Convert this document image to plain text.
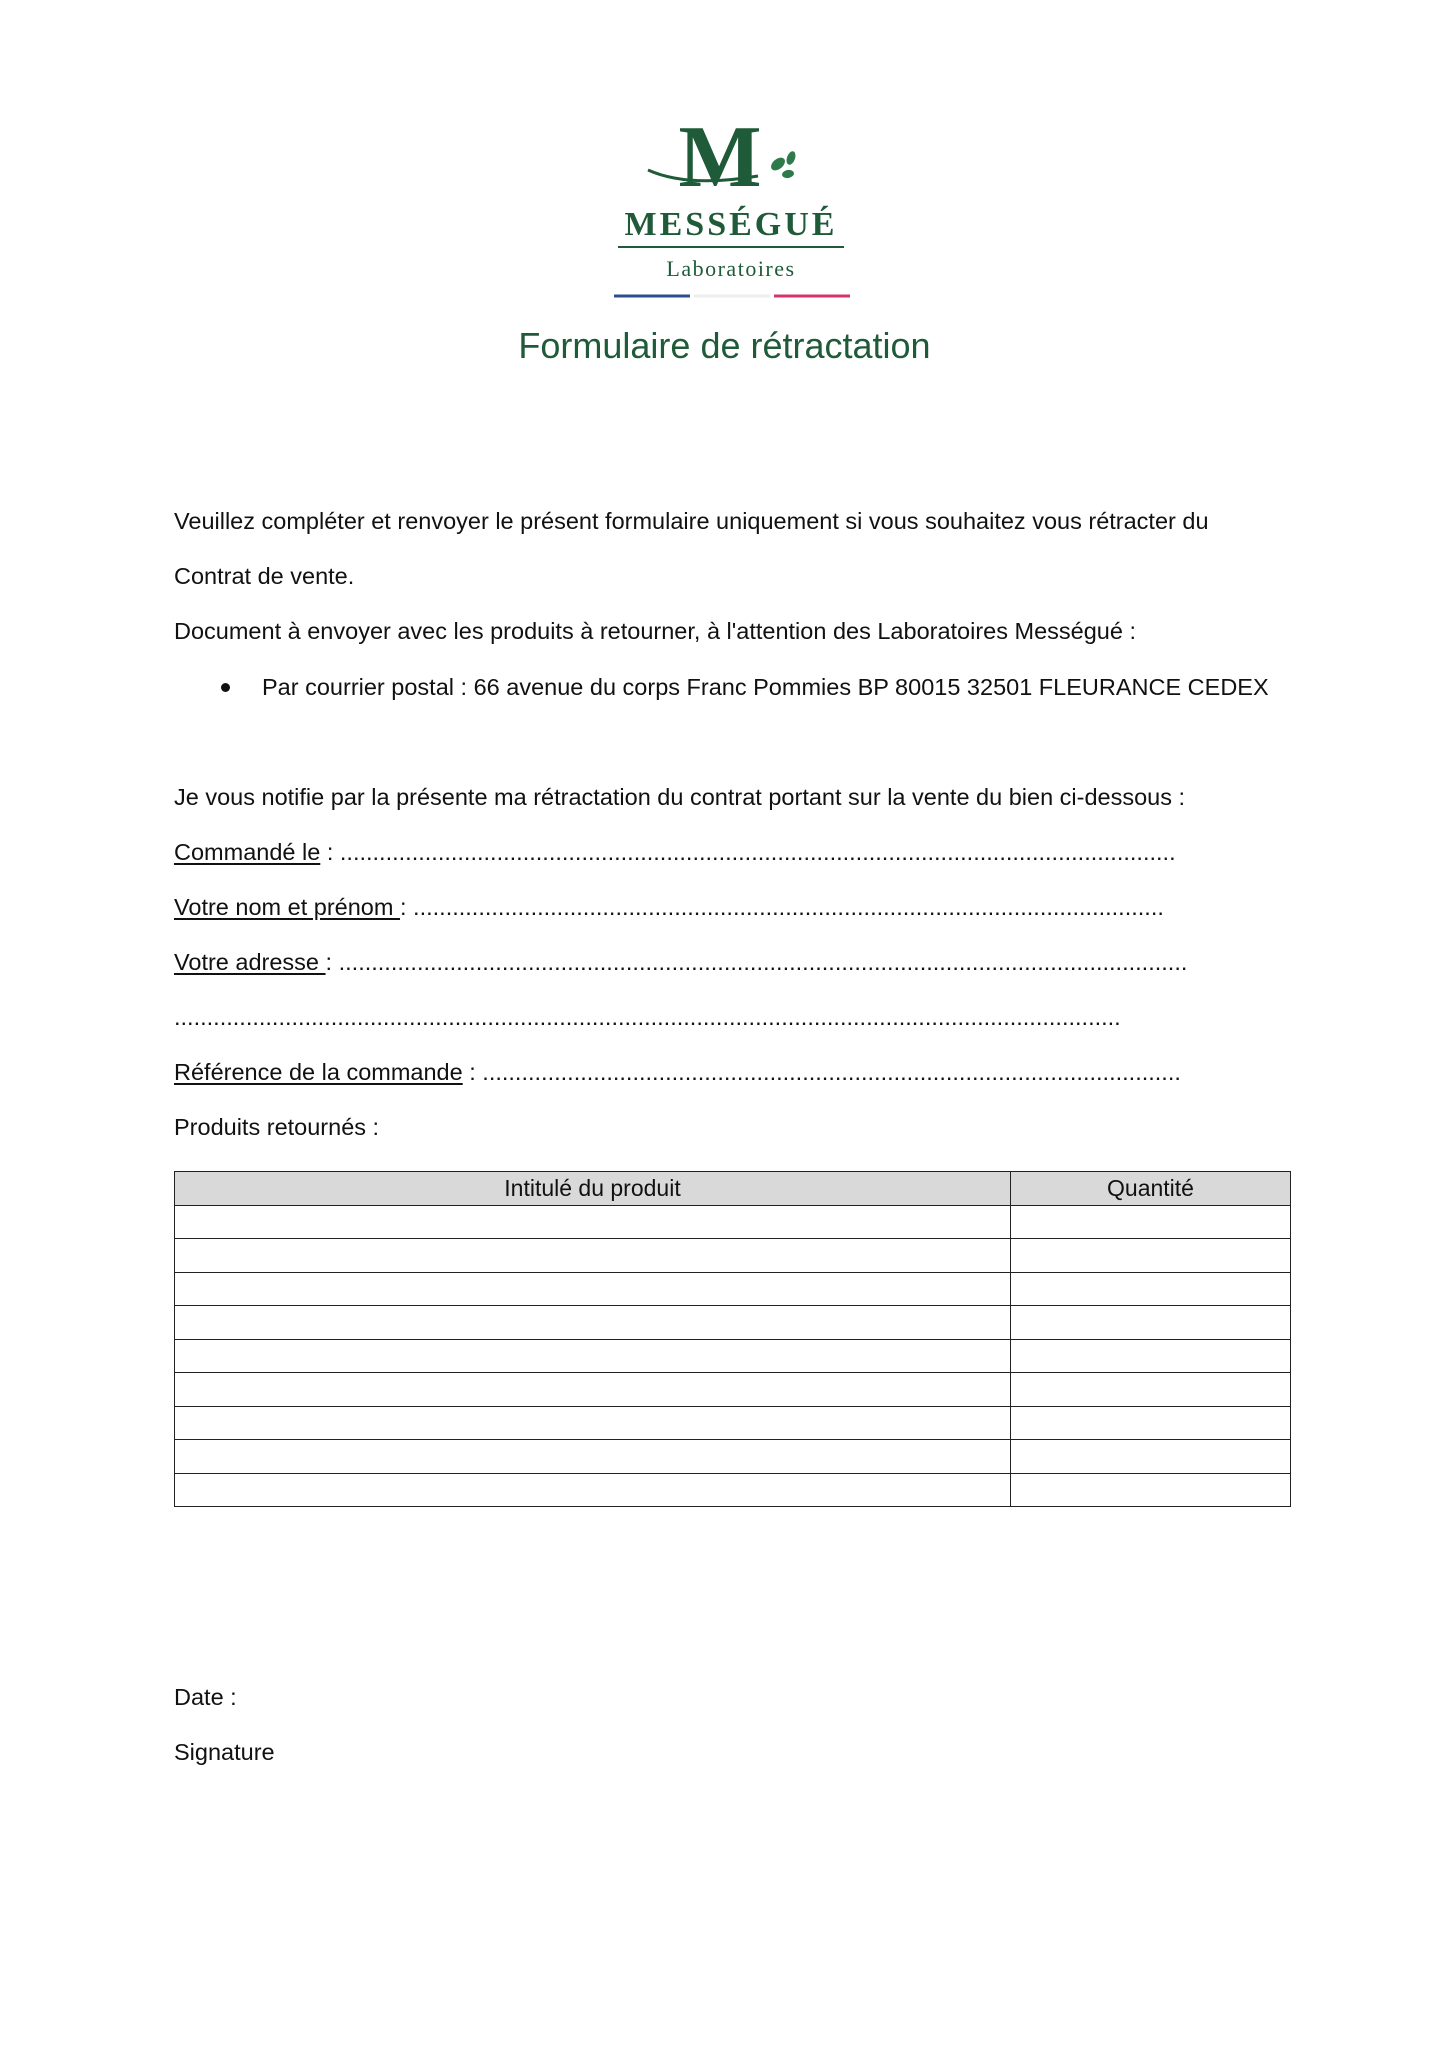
M
MESSÉGUÉ
Laboratoires
Formulaire de rétractation
Veuillez compléter et renvoyer le présent formulaire uniquement si vous souhaitez vous rétracter du
Contrat de vente.
Document à envoyer avec les produits à retourner, à l'attention des Laboratoires Mességué :
Par courrier postal : 66 avenue du corps Franc Pommies BP 80015 32501 FLEURANCE CEDEX
Je vous notifie par la présente ma rétractation du contrat portant sur la vente du bien ci-dessous :
Commandé le : ................................................................................................................................
Votre nom et prénom : ...................................................................................................................
Votre adresse : ..................................................................................................................................
.................................................................................................................................................
Référence de la commande : ...........................................................................................................
Produits retournés :
Intitulé du produit	Quantité

Date :
Signature
